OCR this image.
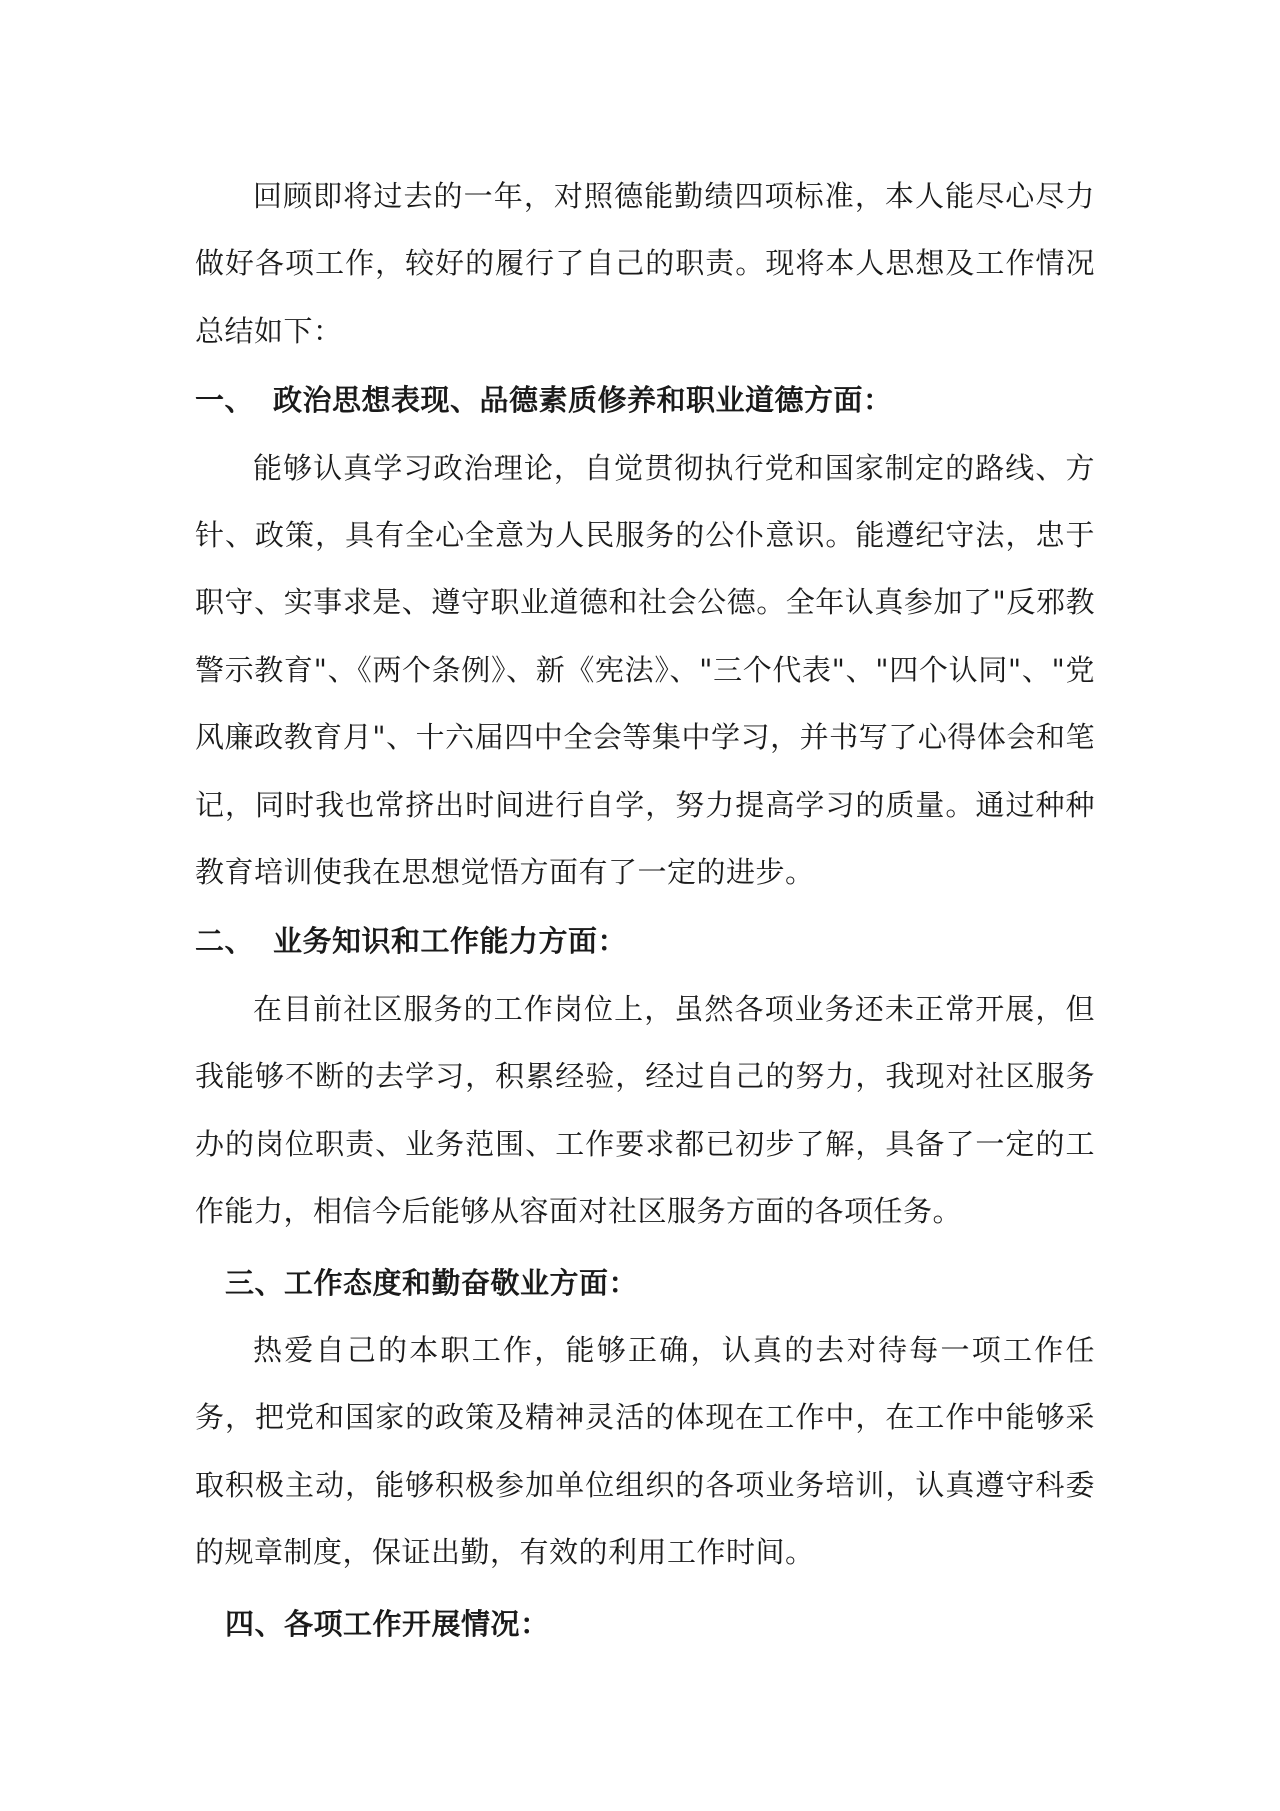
回顾即将过去的一年，对照德能勤绩四项标准，本人能尽心尽力做好各项工作，较好的履行了自己的职责。现将本人思想及工作情况总结如下：

一、 政治思想表现、品德素质修养和职业道德方面：

能够认真学习政治理论，自觉贯彻执行党和国家制定的路线、方针、政策，具有全心全意为人民服务的公仆意识。能遵纪守法，忠于职守、实事求是、遵守职业道德和社会公德。全年认真参加了"反邪教警示教育"、《两个条例》、新《宪法》、"三个代表"、"四个认同"、"党风廉政教育月"、十六届四中全会等集中学习，并书写了心得体会和笔记，同时我也常挤出时间进行自学，努力提高学习的质量。通过种种教育培训使我在思想觉悟方面有了一定的进步。

二、 业务知识和工作能力方面：

在目前社区服务的工作岗位上，虽然各项业务还未正常开展，但我能够不断的去学习，积累经验，经过自己的努力，我现对社区服务办的岗位职责、业务范围、工作要求都已初步了解，具备了一定的工作能力，相信今后能够从容面对社区服务方面的各项任务。

三、工作态度和勤奋敬业方面：

热爱自己的本职工作，能够正确，认真的去对待每一项工作任务，把党和国家的政策及精神灵活的体现在工作中，在工作中能够采取积极主动，能够积极参加单位组织的各项业务培训，认真遵守科委的规章制度，保证出勤，有效的利用工作时间。

四、各项工作开展情况：
